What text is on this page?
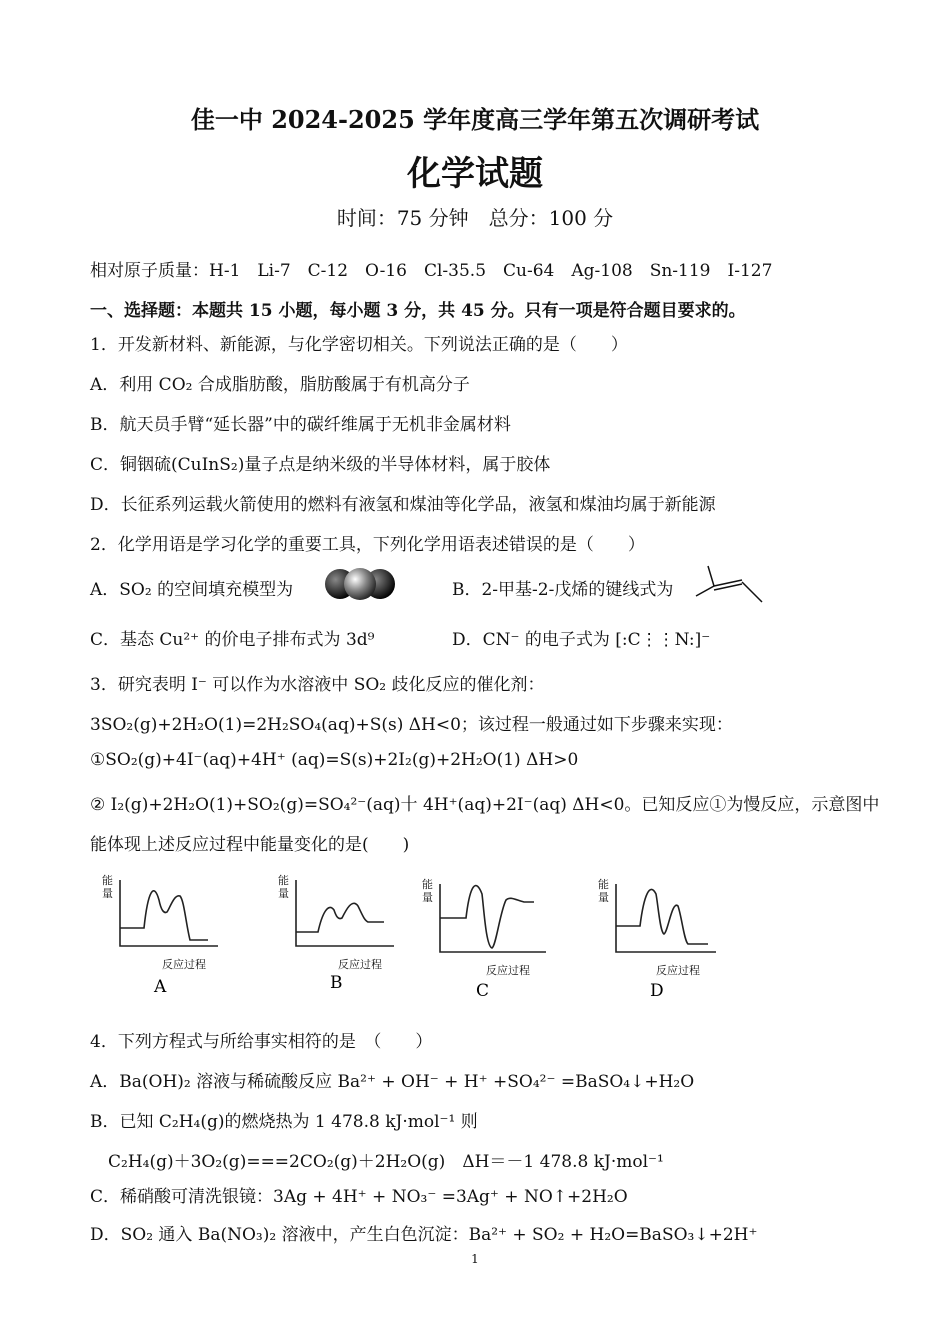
佳一中 2024-2025 学年度高三学年第五次调研考试
化学试题
时间：75 分钟　总分：100 分
相对原子质量：H-1　Li-7　C-12　O-16　Cl-35.5　Cu-64　Ag-108　Sn-119　I-127
一、选择题：本题共 15 小题，每小题 3 分，共 45 分。只有一项是符合题目要求的。
1．开发新材料、新能源，与化学密切相关。下列说法正确的是（　　）
A．利用 CO₂ 合成脂肪酸，脂肪酸属于有机高分子
B．航天员手臂“延长器”中的碳纤维属于无机非金属材料
C．铜铟硫(CuInS₂)量子点是纳米级的半导体材料，属于胶体
D．长征系列运载火箭使用的燃料有液氢和煤油等化学品，液氢和煤油均属于新能源
2．化学用语是学习化学的重要工具，下列化学用语表述错误的是（　　）
A．SO₂ 的空间填充模型为	B．2-甲基-2-戊烯的键线式为
C．基态 Cu²⁺ 的价电子排布式为 3d⁹	D．CN⁻ 的电子式为 [:C⋮⋮N:]⁻
3．研究表明 I⁻ 可以作为水溶液中 SO₂ 歧化反应的催化剂：
3SO₂(g)+2H₂O(1)=2H₂SO₄(aq)+S(s) ΔH<0；该过程一般通过如下步骤来实现：
①SO₂(g)+4I⁻(aq)+4H⁺ (aq)=S(s)+2I₂(g)+2H₂O(1) ΔH>0
② I₂(g)+2H₂O(1)+SO₂(g)=SO₄²⁻(aq)十 4H⁺(aq)+2I⁻(aq) ΔH<0。已知反应①为慢反应，示意图中
能体现上述反应过程中能量变化的是(　　)
能
量
反应过程
A
能
量
反应过程
B
能
量
反应过程
C
能
量
反应过程
D
4．下列方程式与所给事实相符的是　（　　）
A．Ba(OH)₂ 溶液与稀硫酸反应 Ba²⁺ + OH⁻ + H⁺ +SO₄²⁻ =BaSO₄↓+H₂O
B．已知 C₂H₄(g)的燃烧热为 1 478.8 kJ·mol⁻¹ 则
C₂H₄(g)＋3O₂(g)===2CO₂(g)＋2H₂O(g)　ΔH＝－1 478.8 kJ·mol⁻¹
C．稀硝酸可清洗银镜：3Ag + 4H⁺ + NO₃⁻ =3Ag⁺ + NO↑+2H₂O
D．SO₂ 通入 Ba(NO₃)₂ 溶液中，产生白色沉淀：Ba²⁺ + SO₂ + H₂O=BaSO₃↓+2H⁺
1
